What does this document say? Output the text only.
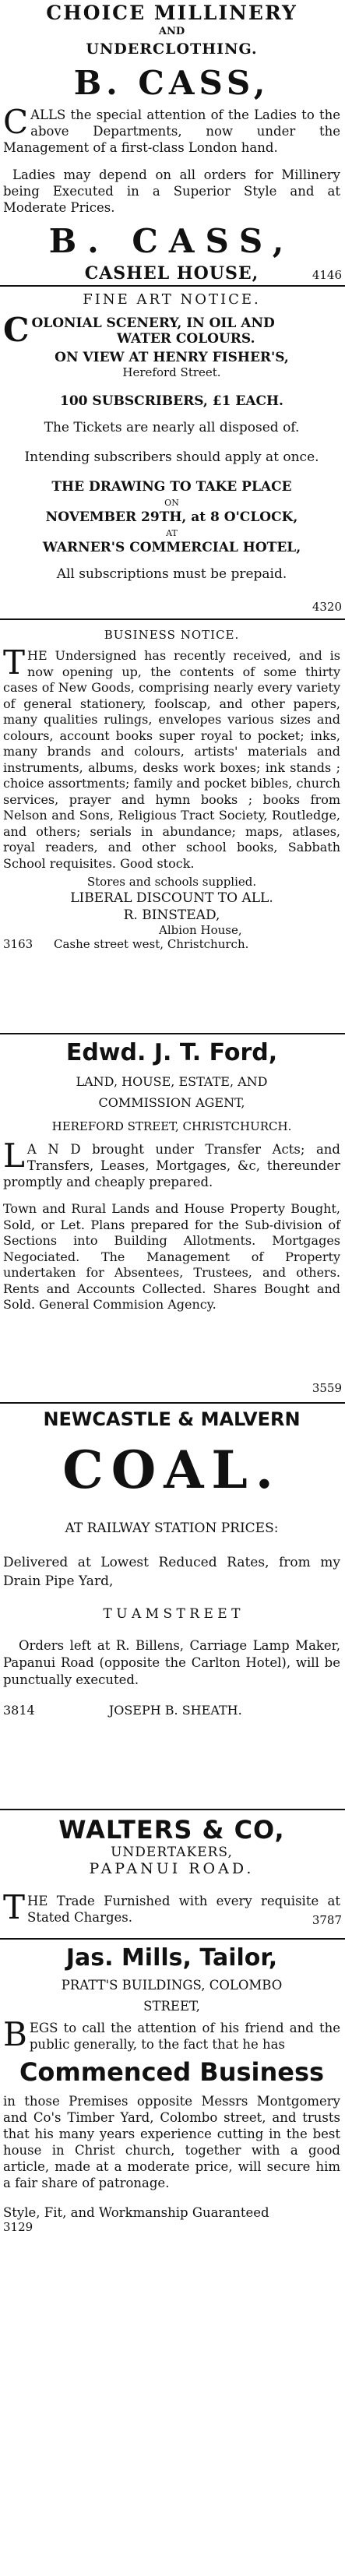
CHOICE MILLINERY
AND
UNDERCLOTHING.
B. CASS,

CALLS the special attention of the Ladies to the above Departments, now under the Management of a first-class London hand.

Ladies may depend on all orders for Millinery being Executed in a Superior Style and at Moderate Prices.

B. CASS,
CASHEL HOUSE,	4146
FINE ART NOTICE.
C OLONIAL SCENERY, IN OIL AND
WATER COLOURS.
ON VIEW AT HENRY FISHER'S,
Hereford Street.
100 SUBSCRIBERS, £1 EACH.
The Tickets are nearly all disposed of.
Intending subscribers should apply at once.
THE DRAWING TO TAKE PLACE
ON
NOVEMBER 29TH, at 8 O'CLOCK,
AT
WARNER'S COMMERCIAL HOTEL,
All subscriptions must be prepaid.
4320
BUSINESS NOTICE.

THE Undersigned has recently received, and is now opening up, the contents of some thirty cases of New Goods, comprising nearly every variety of general stationery, foolscap, and other papers, many qualities rulings, envelopes various sizes and colours, account books super royal to pocket; inks, many brands and colours, artists' materials and instruments, albums, desks work boxes; ink stands ; choice assortments; family and pocket bibles, church services, prayer and hymn books ; books from Nelson and Sons, Religious Tract Society, Routledge, and others; serials in abundance; maps, atlases, royal readers, and other school books, Sabbath School requisites. Good stock.

Stores and schools supplied.
LIBERAL DISCOUNT TO ALL.
R. BINSTEAD,
Albion House,
3163 Cashe street west, Christchurch.
Edwd. J. T. Ford,
LAND, HOUSE, ESTATE, AND
COMMISSION AGENT,
HEREFORD STREET, CHRISTCHURCH.

L A N D brought under Transfer Acts; and Transfers, Leases, Mortgages, &c, thereunder promptly and cheaply prepared.

Town and Rural Lands and House Property Bought, Sold, or Let. Plans prepared for the Sub-division of Sections into Building Allotments. Mortgages Negociated. The Management of Property undertaken for Absentees, Trustees, and others. Rents and Accounts Collected. Shares Bought and Sold. General Commision Agency.

3559
NEWCASTLE & MALVERN
COAL.
AT RAILWAY STATION PRICES:

Delivered at Lowest Reduced Rates, from my Drain Pipe Yard,

T U A M S T R E E T

Orders left at R. Billens, Carriage Lamp Maker, Papanui Road (opposite the Carlton Hotel), will be punctually executed.

3814	JOSEPH B. SHEATH.
WALTERS & CO,
UNDERTAKERS,
PAPANUI ROAD.

THE Trade Furnished with every requisite at Stated Charges.	3787
Jas. Mills, Tailor,
PRATT'S BUILDINGS, COLOMBO
STREET,

BEGS to call the attention of his friend and the public generally, to the fact that he has

Commenced Business

in those Premises opposite Messrs Montgomery and Co's Timber Yard, Colombo street, and trusts that his many years experience cutting in the best house in Christ church, together with a good article, made at a moderate price, will secure him a fair share of patronage.

Style, Fit, and Workmanship Guaranteed
3129
